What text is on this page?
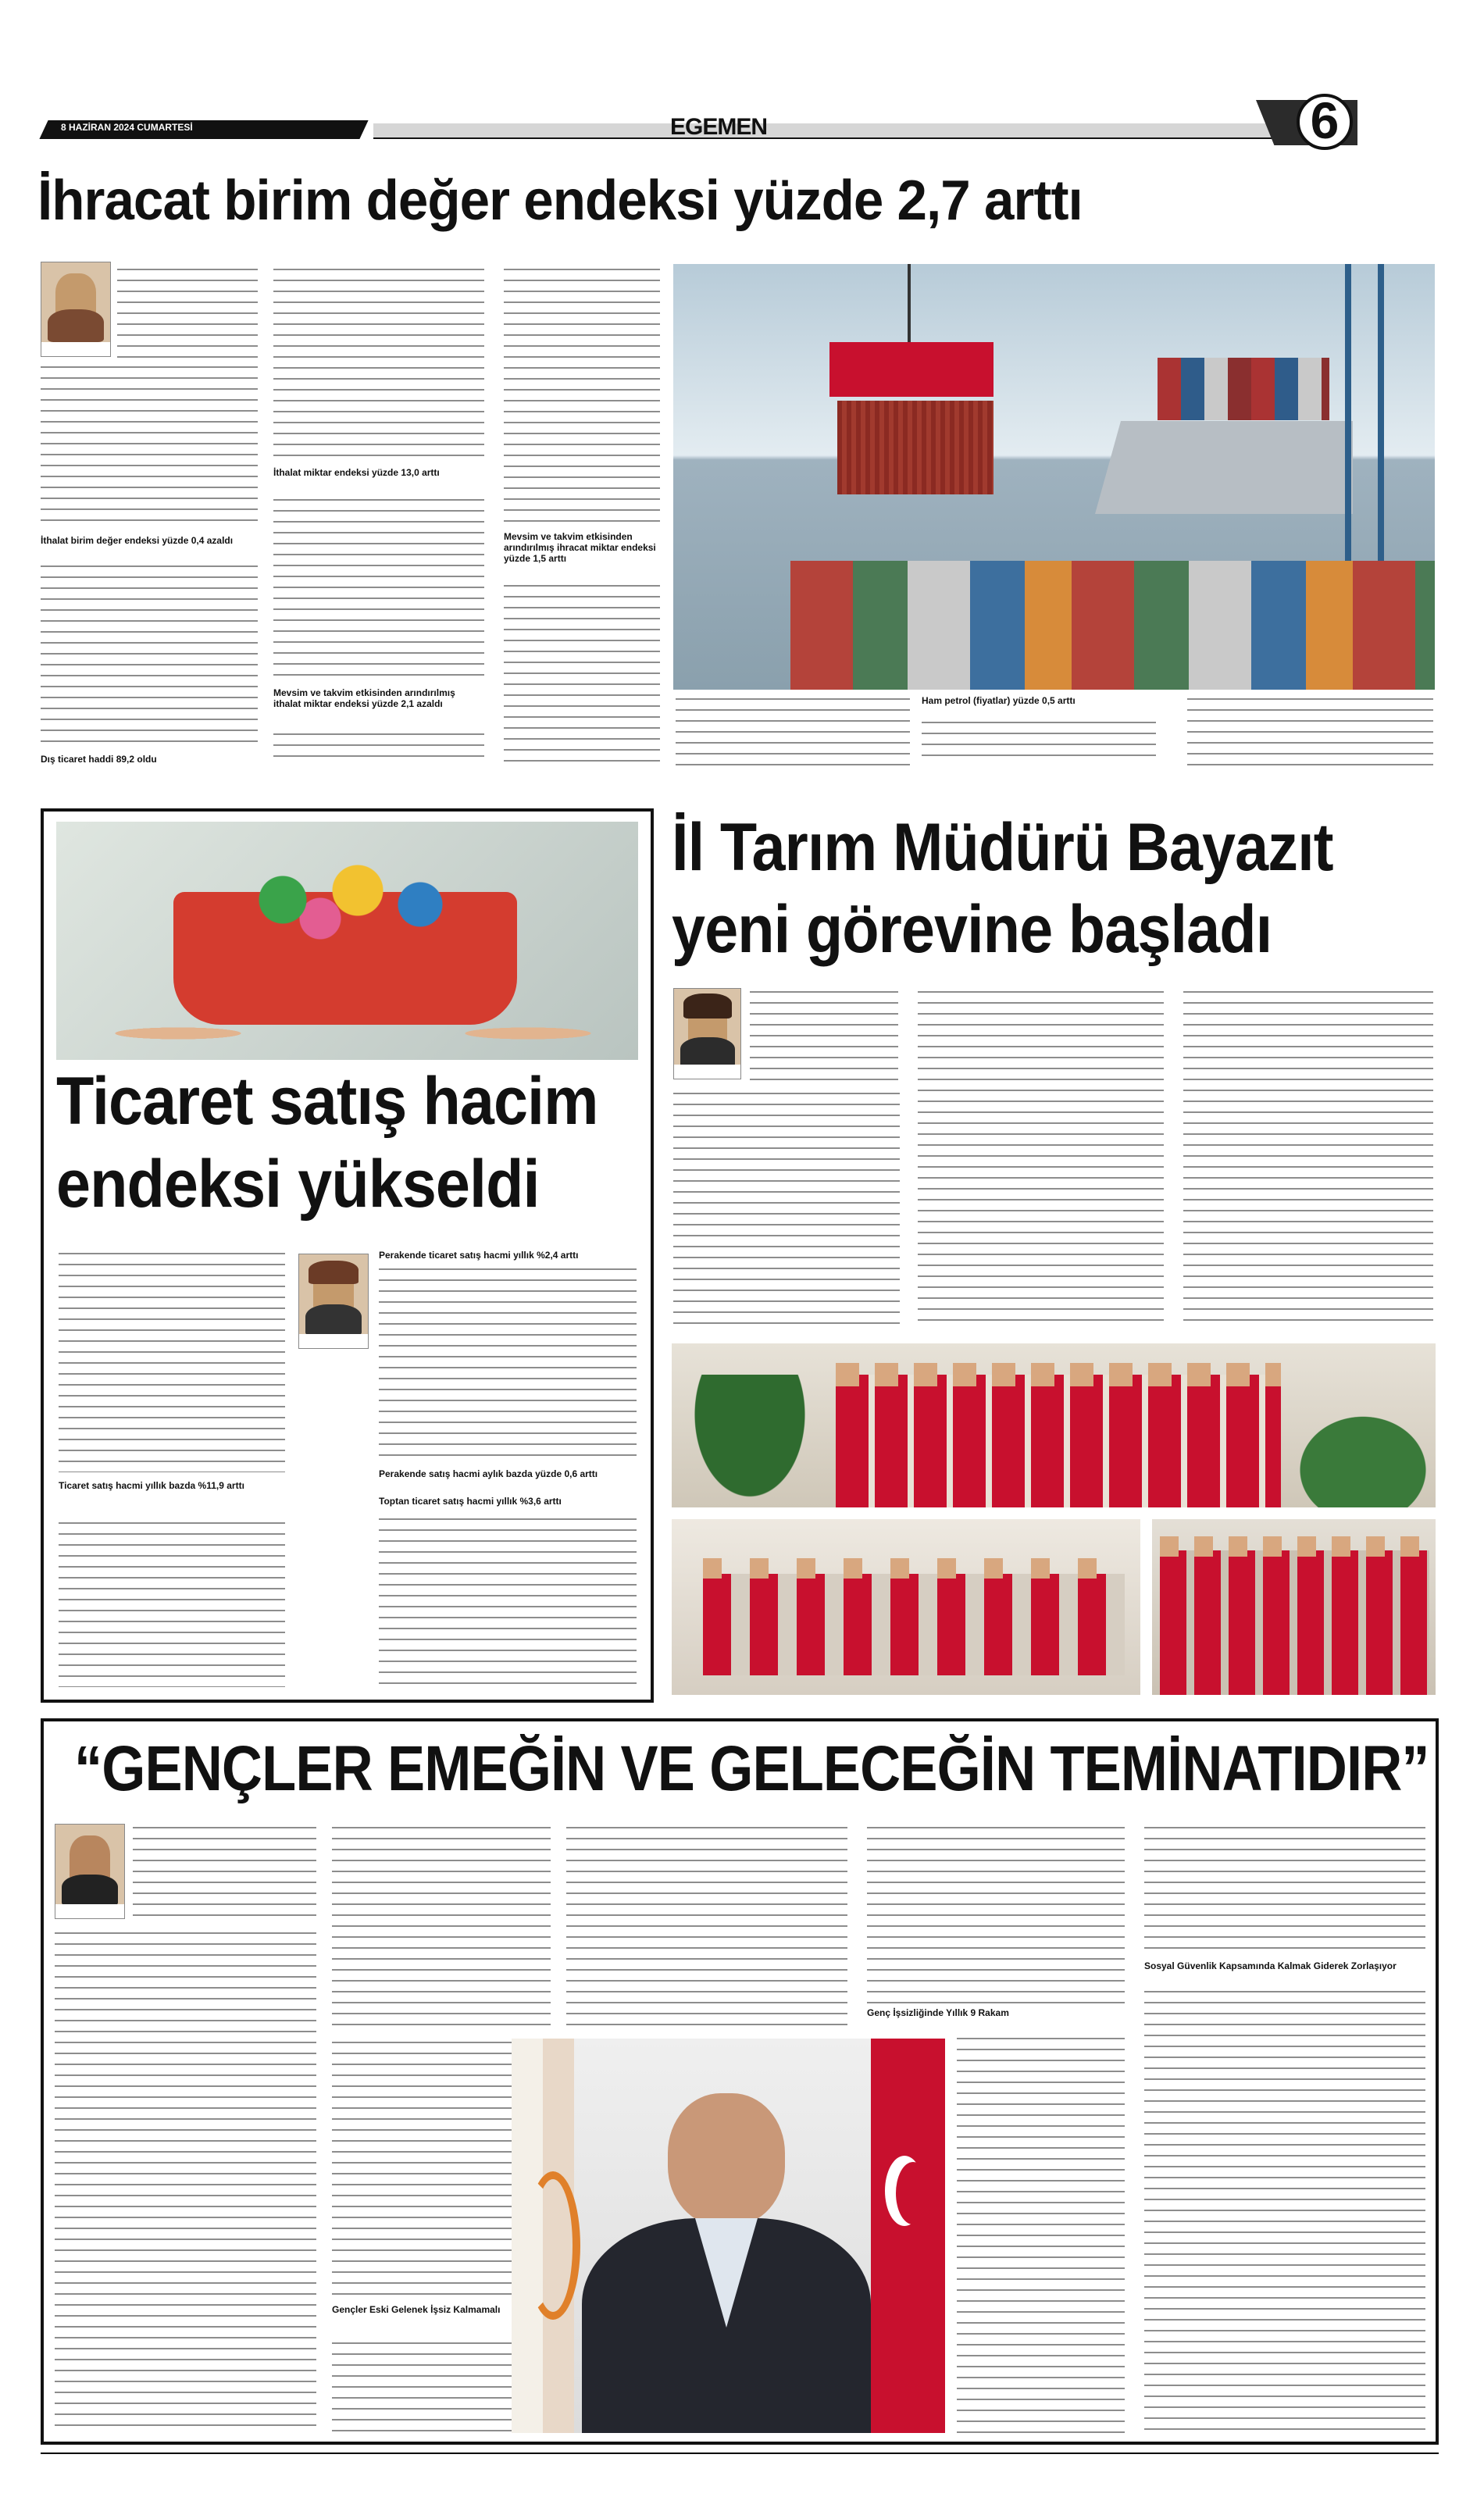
8 HAZİRAN 2024 CUMARTESİ	EGEMEN	6
İhracat birim değer endeksi yüzde 2,7 arttı
İthalat birim değer endeksi yüzde 0,4 azaldı
Dış ticaret haddi 89,2 oldu
İthalat miktar endeksi yüzde 13,0 arttı
Mevsim ve takvim etkisinden arındırılmış ithalat miktar endeksi yüzde 2,1 azaldı
Mevsim ve takvim etkisinden arındırılmış ihracat miktar endeksi yüzde 1,5 arttı
Ham petrol (fiyatlar) yüzde 0,5 arttı
Ticaret satış hacim
endeksi yükseldi
Ticaret satış hacmi yıllık bazda %11,9 arttı
Perakende ticaret satış hacmi yıllık %2,4 arttı
Perakende satış hacmi aylık bazda yüzde 0,6 arttı
Toptan ticaret satış hacmi yıllık %3,6 arttı
İl Tarım Müdürü Bayazıt
yeni görevine başladı
“GENÇLER EMEĞİN VE GELECEĞİN TEMİNATIDIR”
Gençler Eski Gelenek İşsiz Kalmamalı
Genç İşsizliğinde Yıllık 9 Rakam
Sosyal Güvenlik Kapsamında Kalmak Giderek Zorlaşıyor
